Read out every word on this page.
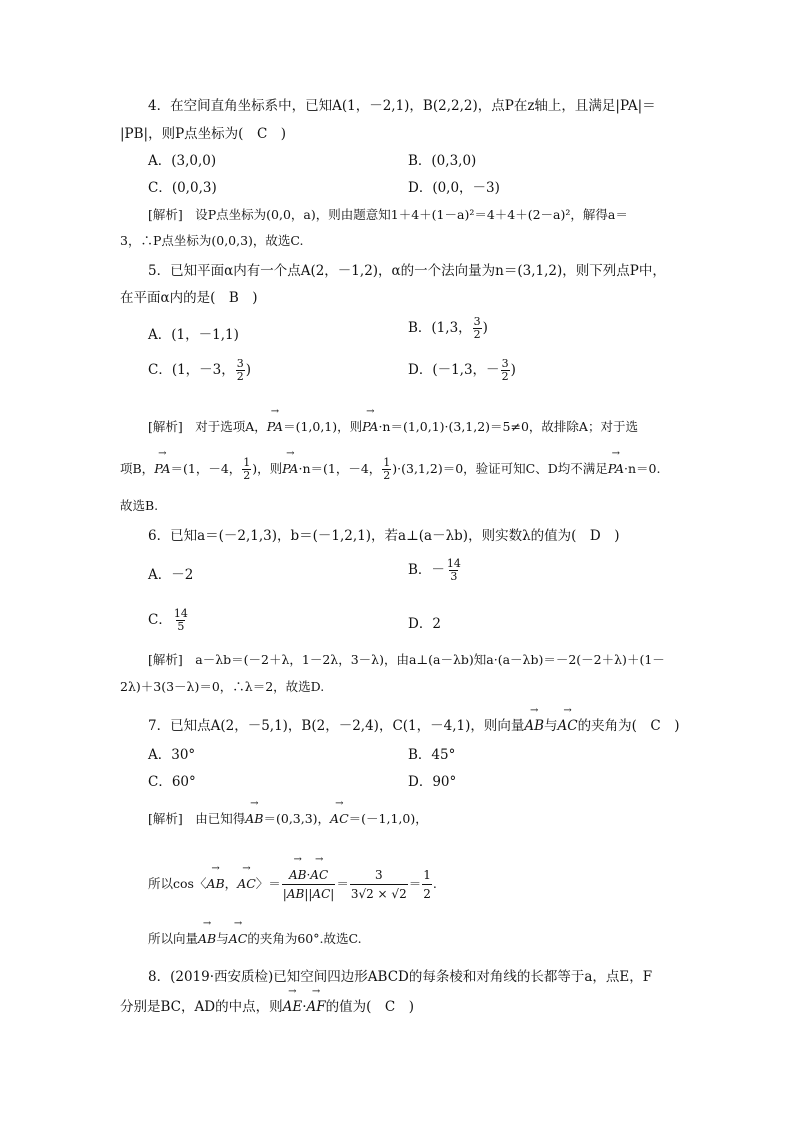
4．在空间直角坐标系中，已知A(1，－2,1)，B(2,2,2)，点P在z轴上，且满足|PA|＝
|PB|，则P点坐标为(　C　)
A．(3,0,0)	B．(0,3,0)
C．(0,0,3)	D．(0,0，－3)
[解析]　设P点坐标为(0,0，a)，则由题意知1＋4＋(1－a)²＝4＋4＋(2－a)²，解得a＝
3，∴P点坐标为(0,0,3)，故选C.
5．已知平面α内有一个点A(2，－1,2)，α的一个法向量为n＝(3,1,2)，则下列点P中，
在平面α内的是(　B　)
A．(1，－1,1)	B．(1,3， $\frac{3}{2}$ )
C．(1，－3， $\frac{3}{2}$ )	D．(－1,3，－ $\frac{3}{2}$ )
[解析]　对于选项A，→ PA＝(1,0,1)，则→ PA·n＝(1,0,1)·(3,1,2)＝5≠0，故排除A；对于选
项B，→ PA＝(1，－4， $\frac{1}{2}$ )，则→ PA·n＝(1，－4， $\frac{1}{2} )\cdot(3,1,2)=0$，验证可知C、D均不满足→ PA·n＝0.
故选B.
6．已知a＝(－2,1,3)，b＝(－1,2,1)，若a⊥(a－λb)，则实数λ的值为(　D　)
A．－2	B．－ $\frac{14}{3}$
C． $\frac{14}{5}$	D．2
[解析]　a－λb＝(－2＋λ，1－2λ，3－λ)，由a⊥(a－λb)知a·(a－λb)＝－2(－2＋λ)＋(1－
2λ)＋3(3－λ)＝0，∴λ＝2，故选D.
7．已知点A(2，－5,1)，B(2，－2,4)，C(1，－4,1)，则向量→ AB与→ AC的夹角为(　C　)
A．30°	B．45°
C．60°	D．90°
[解析]　由已知得→ AB＝(0,3,3)，→ AC＝(－1,1,0)，
所以cos〈→ AB，→ AC〉＝
→ $\frac{AB\cdot\to AC}{|AB||AC|} = \frac{3}{3√2 \times √2} = \frac{1}{2}$ .
所以向量→ AB与→ AC的夹角为60°.故选C.
8．(2019·西安质检)已知空间四边形ABCD的每条棱和对角线的长都等于a，点E，F
分别是BC，AD的中点，则→ AE·→ AF的值为(　C　)
